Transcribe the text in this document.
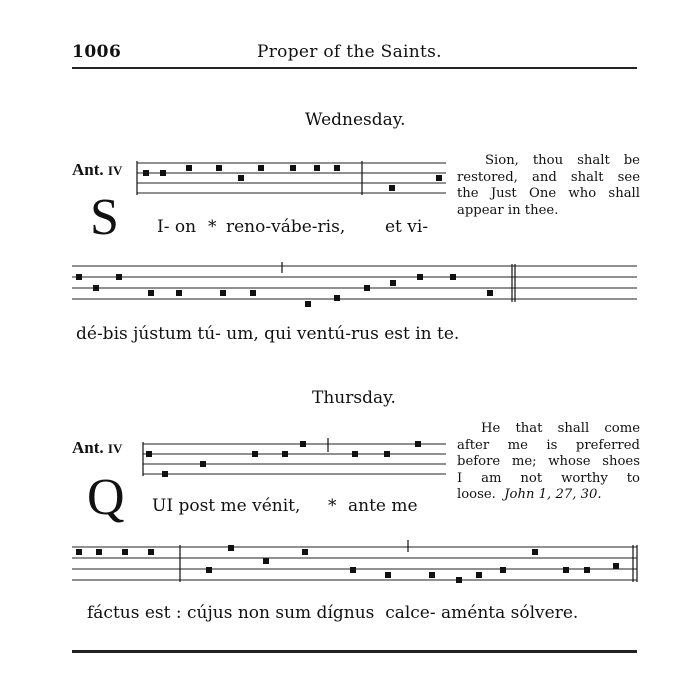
1006	Proper of the Saints.
Wednesday.
Ant. IV
S I- on * reno-vábe-ris, et vi-
Sion, thou shalt be
restored, and shalt see
the Just One who shall
appear in thee.
dé-bis jústum tú- um, qui ventú-rus est in te.
Thursday.
Ant. IV
Q UI post me vénit, * ante me
He that shall come
after me is preferred
before me; whose shoes
I am not worthy to
loose. John 1, 27, 30.
fáctus est : cújus non sum dígnus  calce- aménta sólvere.
